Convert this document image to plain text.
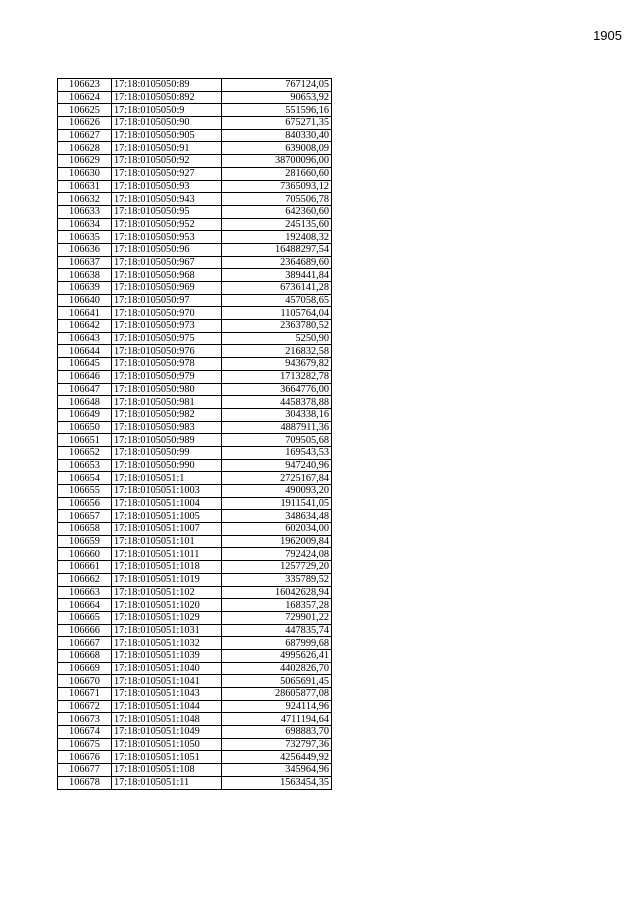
1905
106623	17:18:0105050:89	767124,05
106624	17:18:0105050:892	90653,92
106625	17:18:0105050:9	551596,16
106626	17:18:0105050:90	675271,35
106627	17:18:0105050:905	840330,40
106628	17:18:0105050:91	639008,09
106629	17:18:0105050:92	38700096,00
106630	17:18:0105050:927	281660,60
106631	17:18:0105050:93	7365093,12
106632	17:18:0105050:943	705506,78
106633	17:18:0105050:95	642360,60
106634	17:18:0105050:952	245135,60
106635	17:18:0105050:953	192408,32
106636	17:18:0105050:96	16488297,54
106637	17:18:0105050:967	2364689,60
106638	17:18:0105050:968	389441,84
106639	17:18:0105050:969	6736141,28
106640	17:18:0105050:97	457058,65
106641	17:18:0105050:970	1105764,04
106642	17:18:0105050:973	2363780,52
106643	17:18:0105050:975	5250,90
106644	17:18:0105050:976	216832,58
106645	17:18:0105050:978	943679,82
106646	17:18:0105050:979	1713282,78
106647	17:18:0105050:980	3664776,00
106648	17:18:0105050:981	4458378,88
106649	17:18:0105050:982	304338,16
106650	17:18:0105050:983	4887911,36
106651	17:18:0105050:989	709505,68
106652	17:18:0105050:99	169543,53
106653	17:18:0105050:990	947240,96
106654	17:18:0105051:1	2725167,84
106655	17:18:0105051:1003	490093,20
106656	17:18:0105051:1004	1911541,05
106657	17:18:0105051:1005	348634,48
106658	17:18:0105051:1007	602034,00
106659	17:18:0105051:101	1962009,84
106660	17:18:0105051:1011	792424,08
106661	17:18:0105051:1018	1257729,20
106662	17:18:0105051:1019	335789,52
106663	17:18:0105051:102	16042628,94
106664	17:18:0105051:1020	168357,28
106665	17:18:0105051:1029	729901,22
106666	17:18:0105051:1031	447835,74
106667	17:18:0105051:1032	687999,68
106668	17:18:0105051:1039	4995626,41
106669	17:18:0105051:1040	4402826,70
106670	17:18:0105051:1041	5065691,45
106671	17:18:0105051:1043	28605877,08
106672	17:18:0105051:1044	924114,96
106673	17:18:0105051:1048	4711194,64
106674	17:18:0105051:1049	698883,70
106675	17:18:0105051:1050	732797,36
106676	17:18:0105051:1051	4256449,92
106677	17:18:0105051:108	345964,96
106678	17:18:0105051:11	1563454,35
